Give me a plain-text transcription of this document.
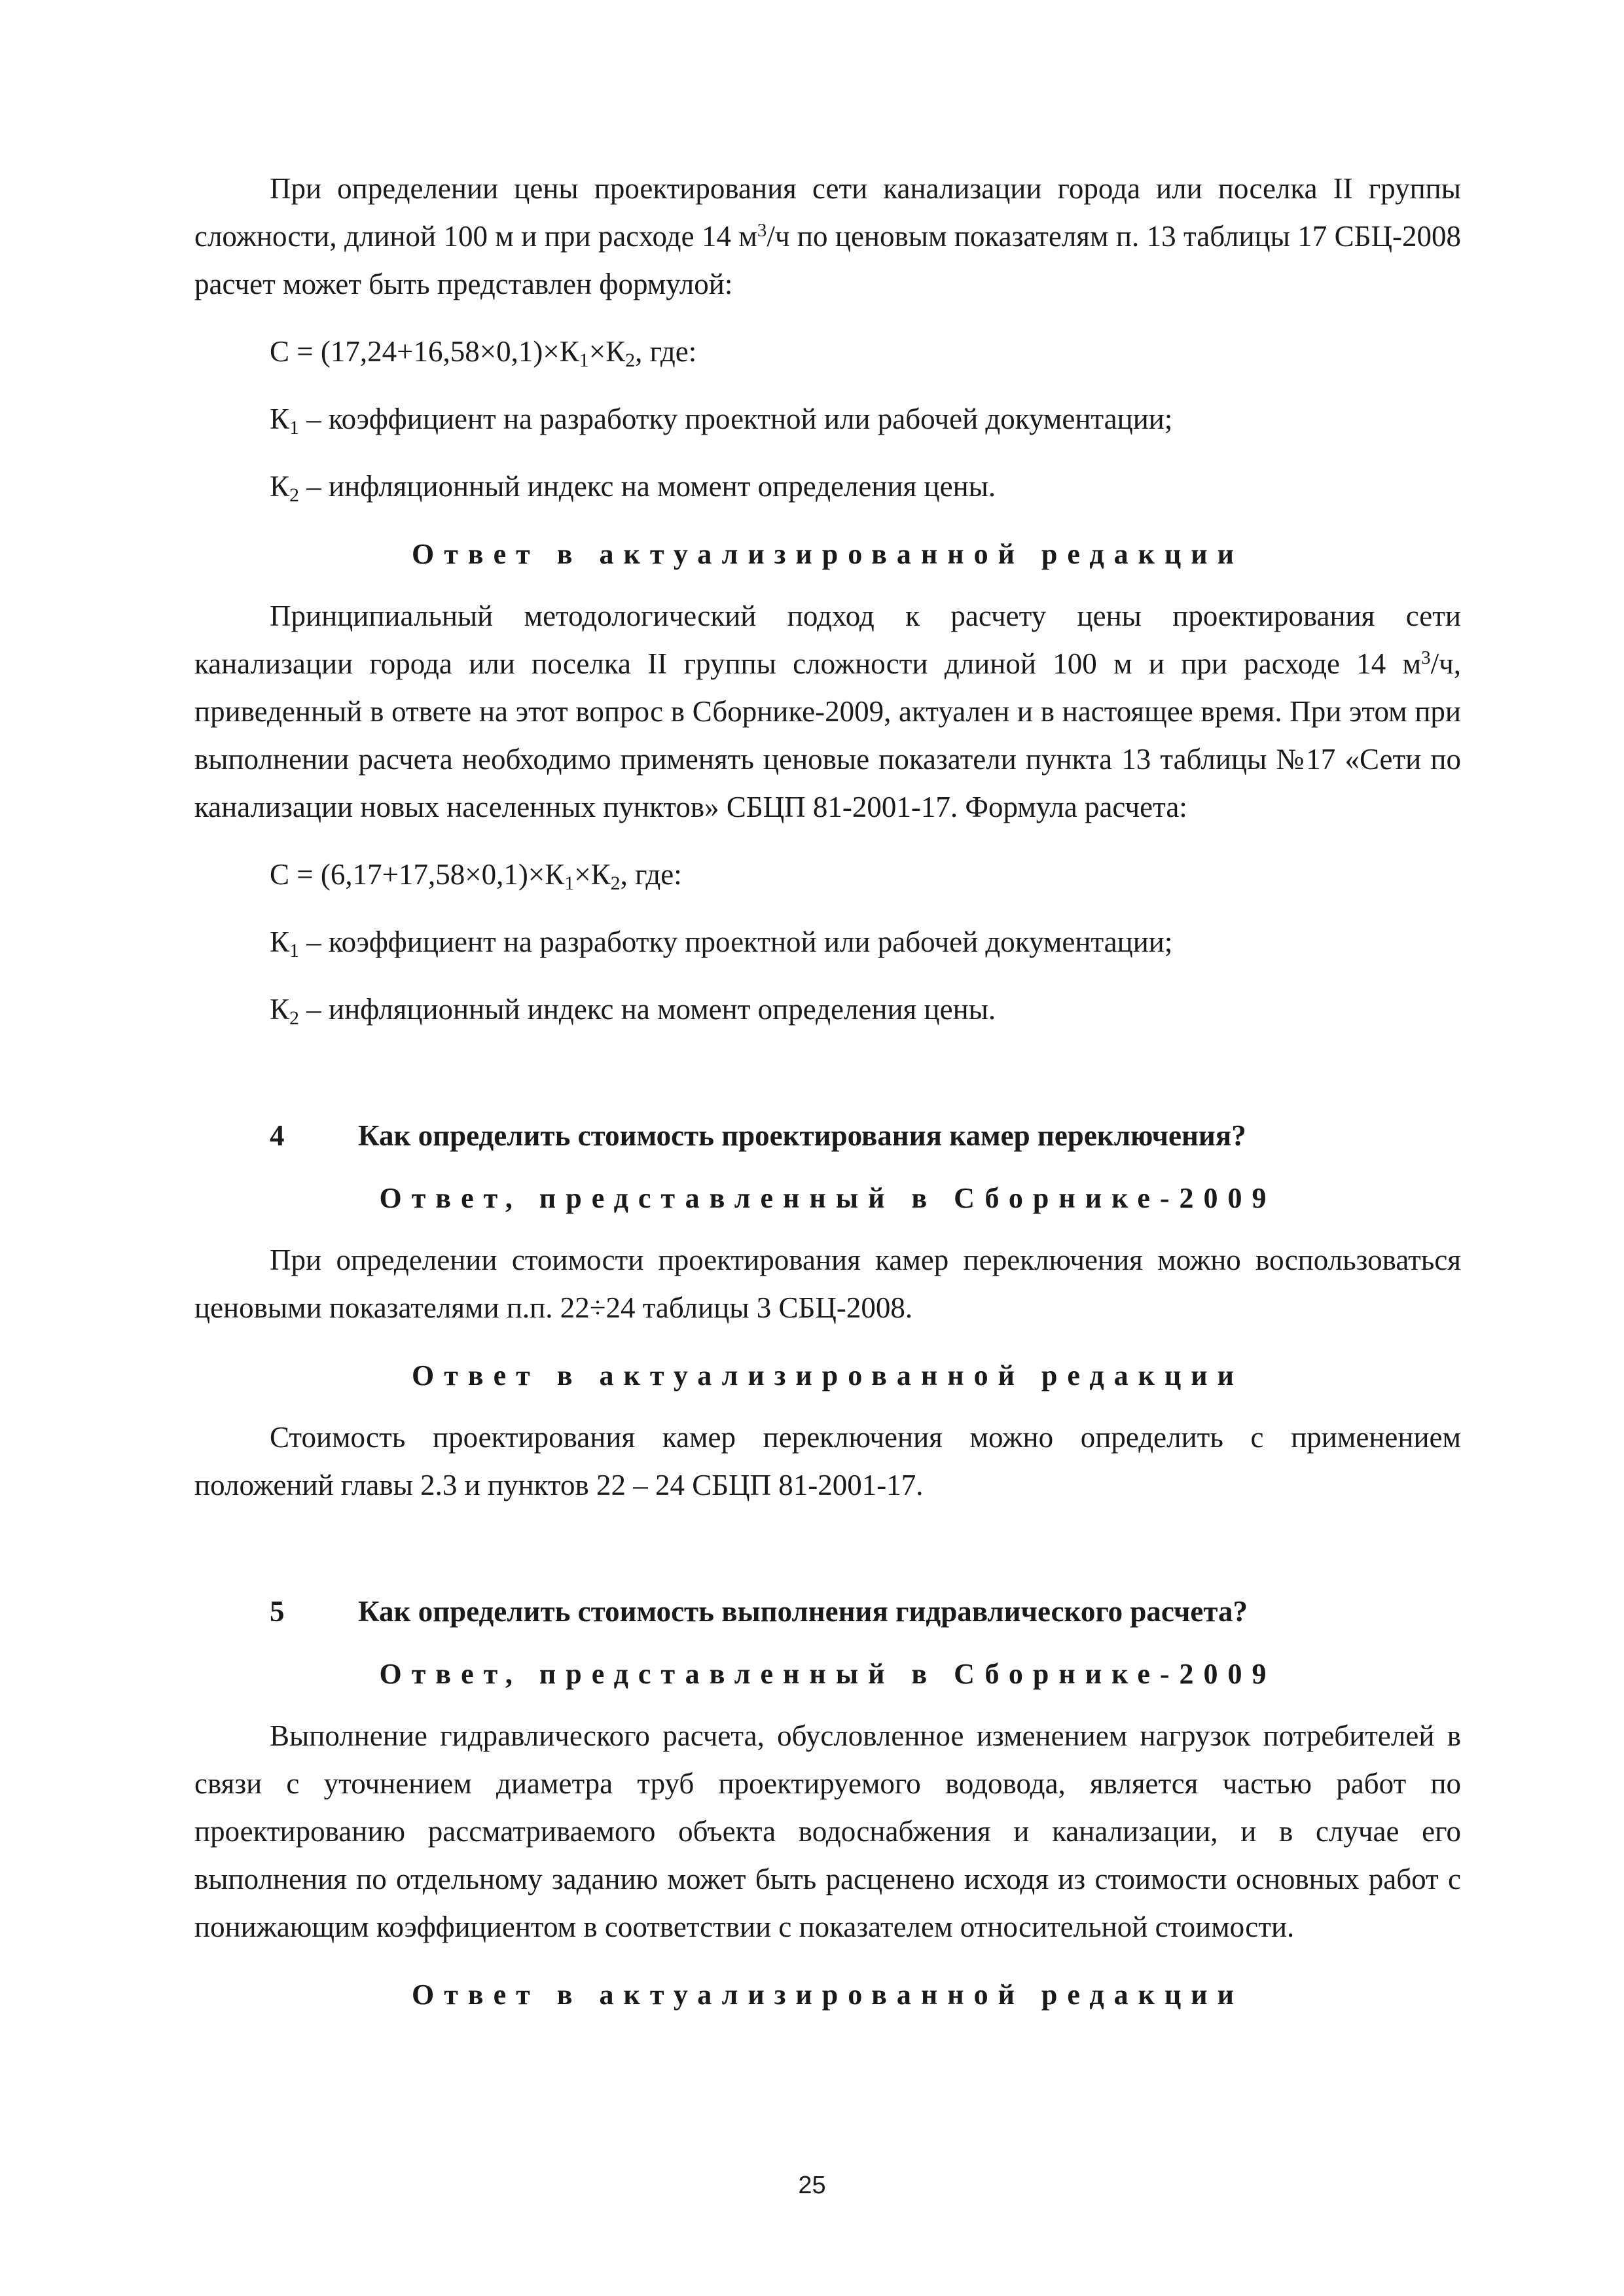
При определении цены проектирования сети канализации города или поселка II группы сложности, длиной 100 м и при расходе 14 $м^3/ч$ по ценовым показателям п. 13 таблицы 17 СБЦ-2008 расчет может быть представлен формулой:

$С = (17,24+16,58\times 0,1)\times К_1\times К_2$, где:

$К_1$ – коэффициент на разработку проектной или рабочей документации;

$К_2$ – инфляционный индекс на момент определения цены.

Ответ в актуализированной редакции

Принципиальный методологический подход к расчету цены проектирования сети канализации города или поселка II группы сложности длиной 100 м и при расходе 14 $м^3/ч$, приведенный в ответе на этот вопрос в Сборнике-2009, актуален и в настоящее время. При этом при выполнении расчета необходимо применять ценовые показатели пункта 13 таблицы №17 «Сети по канализации новых населенных пунктов» СБЦП 81-2001-17. Формула расчета:

$С = (6,17+17,58\times 0,1)\times К_1\times К_2$, где:

$К_1$ – коэффициент на разработку проектной или рабочей документации;

$К_2$ – инфляционный индекс на момент определения цены.

4	Как определить стоимость проектирования камер переключения?
Ответ, представленный в Сборнике-2009

При определении стоимости проектирования камер переключения можно воспользоваться ценовыми показателями п.п. 22÷24 таблицы 3 СБЦ-2008.

Ответ в актуализированной редакции

Стоимость проектирования камер переключения можно определить с применением положений главы 2.3 и пунктов 22 – 24 СБЦП 81-2001-17.

5	Как определить стоимость выполнения гидравлического расчета?
Ответ, представленный в Сборнике-2009

Выполнение гидравлического расчета, обусловленное изменением нагрузок потребителей в связи с уточнением диаметра труб проектируемого водовода, является частью работ по проектированию рассматриваемого объекта водоснабжения и канализации, и в случае его выполнения по отдельному заданию может быть расценено исходя из стоимости основных работ с понижающим коэффициентом в соответствии с показателем относительной стоимости.

Ответ в актуализированной редакции
25
